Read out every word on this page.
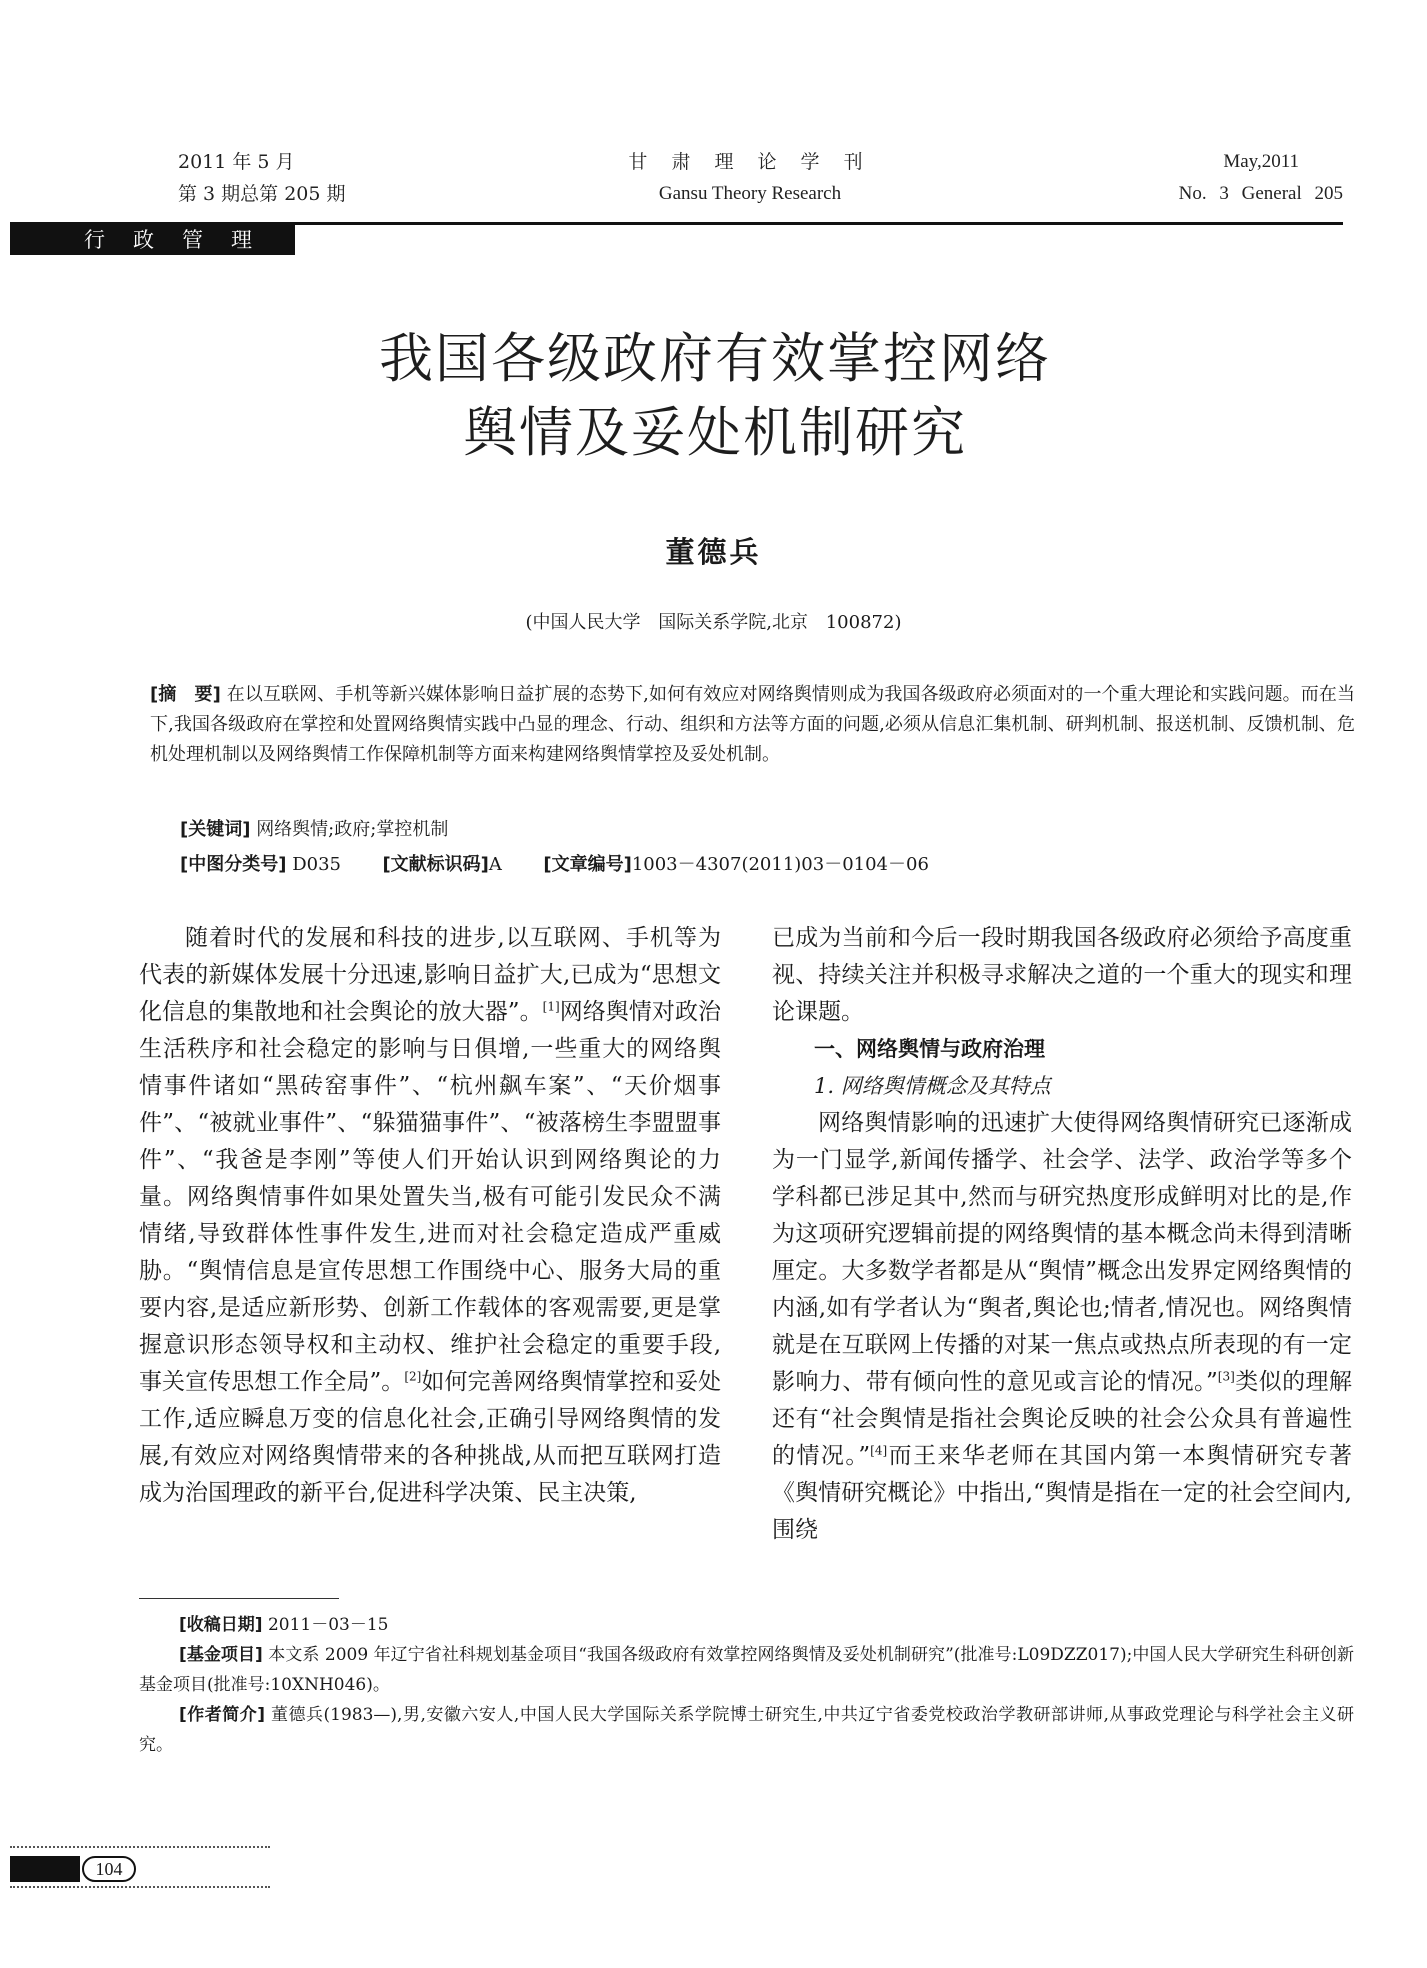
2011 年 5 月
第 3 期总第 205 期
甘 肃 理 论 学 刊
Gansu Theory Research
May,2011
No. 3 General 205
行政管理
我国各级政府有效掌控网络
舆情及妥处机制研究
董德兵
(中国人民大学 国际关系学院,北京 100872)
[摘　要] 在以互联网、手机等新兴媒体影响日益扩展的态势下,如何有效应对网络舆情则成为我国各级政府必须面对的一个重大理论和实践问题。而在当下,我国各级政府在掌控和处置网络舆情实践中凸显的理念、行动、组织和方法等方面的问题,必须从信息汇集机制、研判机制、报送机制、反馈机制、危机处理机制以及网络舆情工作保障机制等方面来构建网络舆情掌控及妥处机制。
[关键词] 网络舆情;政府;掌控机制
[中图分类号] D035 [文献标识码]A [文章编号]1003－4307(2011)03－0104－06

随着时代的发展和科技的进步,以互联网、手机等为代表的新媒体发展十分迅速,影响日益扩大,已成为“思想文化信息的集散地和社会舆论的放大器”。[1]网络舆情对政治生活秩序和社会稳定的影响与日俱增,一些重大的网络舆情事件诸如“黑砖窑事件”、“杭州飙车案”、“天价烟事件”、“被就业事件”、“躲猫猫事件”、“被落榜生李盟盟事件”、“我爸是李刚”等使人们开始认识到网络舆论的力量。网络舆情事件如果处置失当,极有可能引发民众不满情绪,导致群体性事件发生,进而对社会稳定造成严重威胁。“舆情信息是宣传思想工作围绕中心、服务大局的重要内容,是适应新形势、创新工作载体的客观需要,更是掌握意识形态领导权和主动权、维护社会稳定的重要手段,事关宣传思想工作全局”。[2]如何完善网络舆情掌控和妥处工作,适应瞬息万变的信息化社会,正确引导网络舆情的发展,有效应对网络舆情带来的各种挑战,从而把互联网打造成为治国理政的新平台,促进科学决策、民主决策,

已成为当前和今后一段时期我国各级政府必须给予高度重视、持续关注并积极寻求解决之道的一个重大的现实和理论课题。

一、网络舆情与政府治理
1. 网络舆情概念及其特点

网络舆情影响的迅速扩大使得网络舆情研究已逐渐成为一门显学,新闻传播学、社会学、法学、政治学等多个学科都已涉足其中,然而与研究热度形成鲜明对比的是,作为这项研究逻辑前提的网络舆情的基本概念尚未得到清晰厘定。大多数学者都是从“舆情”概念出发界定网络舆情的内涵,如有学者认为“舆者,舆论也;情者,情况也。网络舆情就是在互联网上传播的对某一焦点或热点所表现的有一定影响力、带有倾向性的意见或言论的情况。”[3]类似的理解还有“社会舆情是指社会舆论反映的社会公众具有普遍性的情况。”[4]而王来华老师在其国内第一本舆情研究专著《舆情研究概论》中指出,“舆情是指在一定的社会空间内,围绕

[收稿日期] 2011－03－15
[基金项目] 本文系 2009 年辽宁省社科规划基金项目“我国各级政府有效掌控网络舆情及妥处机制研究”(批准号:L09DZZ017);中国人民大学研究生科研创新基金项目(批准号:10XNH046)。
[作者简介] 董德兵(1983—),男,安徽六安人,中国人民大学国际关系学院博士研究生,中共辽宁省委党校政治学教研部讲师,从事政党理论与科学社会主义研究。
104
